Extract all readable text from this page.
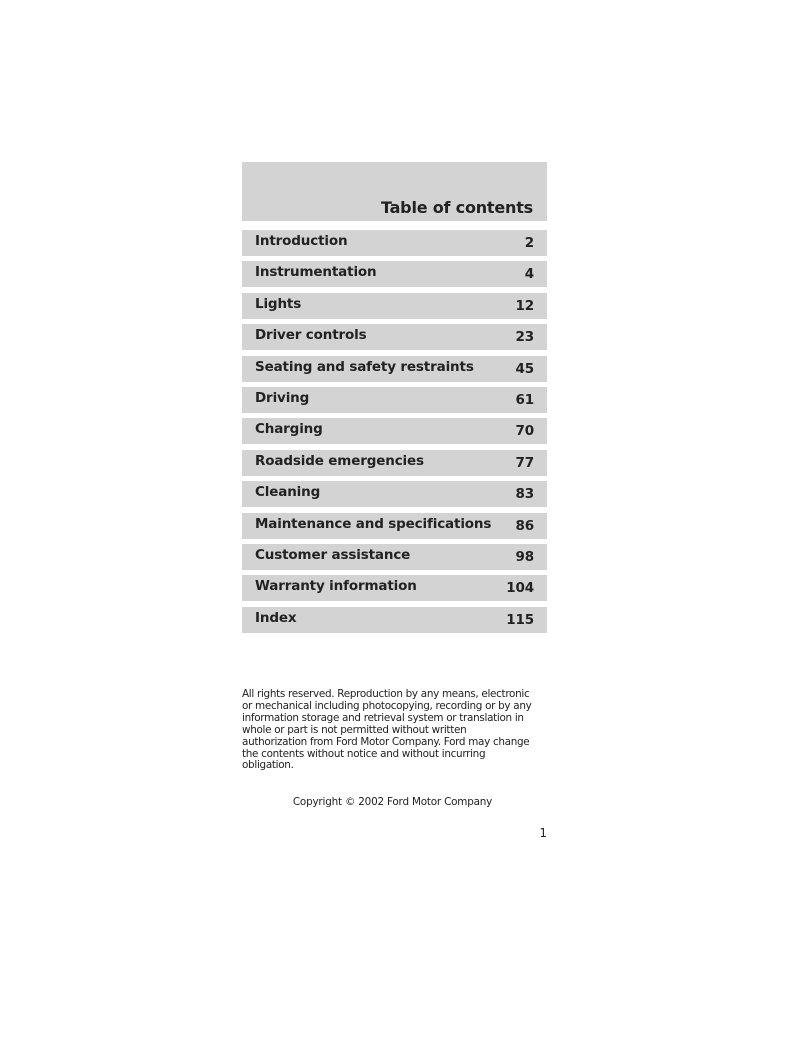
Table of contents
Introduction	2
Instrumentation	4
Lights	12
Driver controls	23
Seating and safety restraints	45
Driving	61
Charging	70
Roadside emergencies	77
Cleaning	83
Maintenance and specifications 86
Customer assistance	98
Warranty information	104
Index	115
All rights reserved. Reproduction by any means, electronic
or mechanical including photocopying, recording or by any
information storage and retrieval system or translation in
whole or part is not permitted without written
authorization from Ford Motor Company. Ford may change
the contents without notice and without incurring
obligation.
Copyright © 2002 Ford Motor Company
1
